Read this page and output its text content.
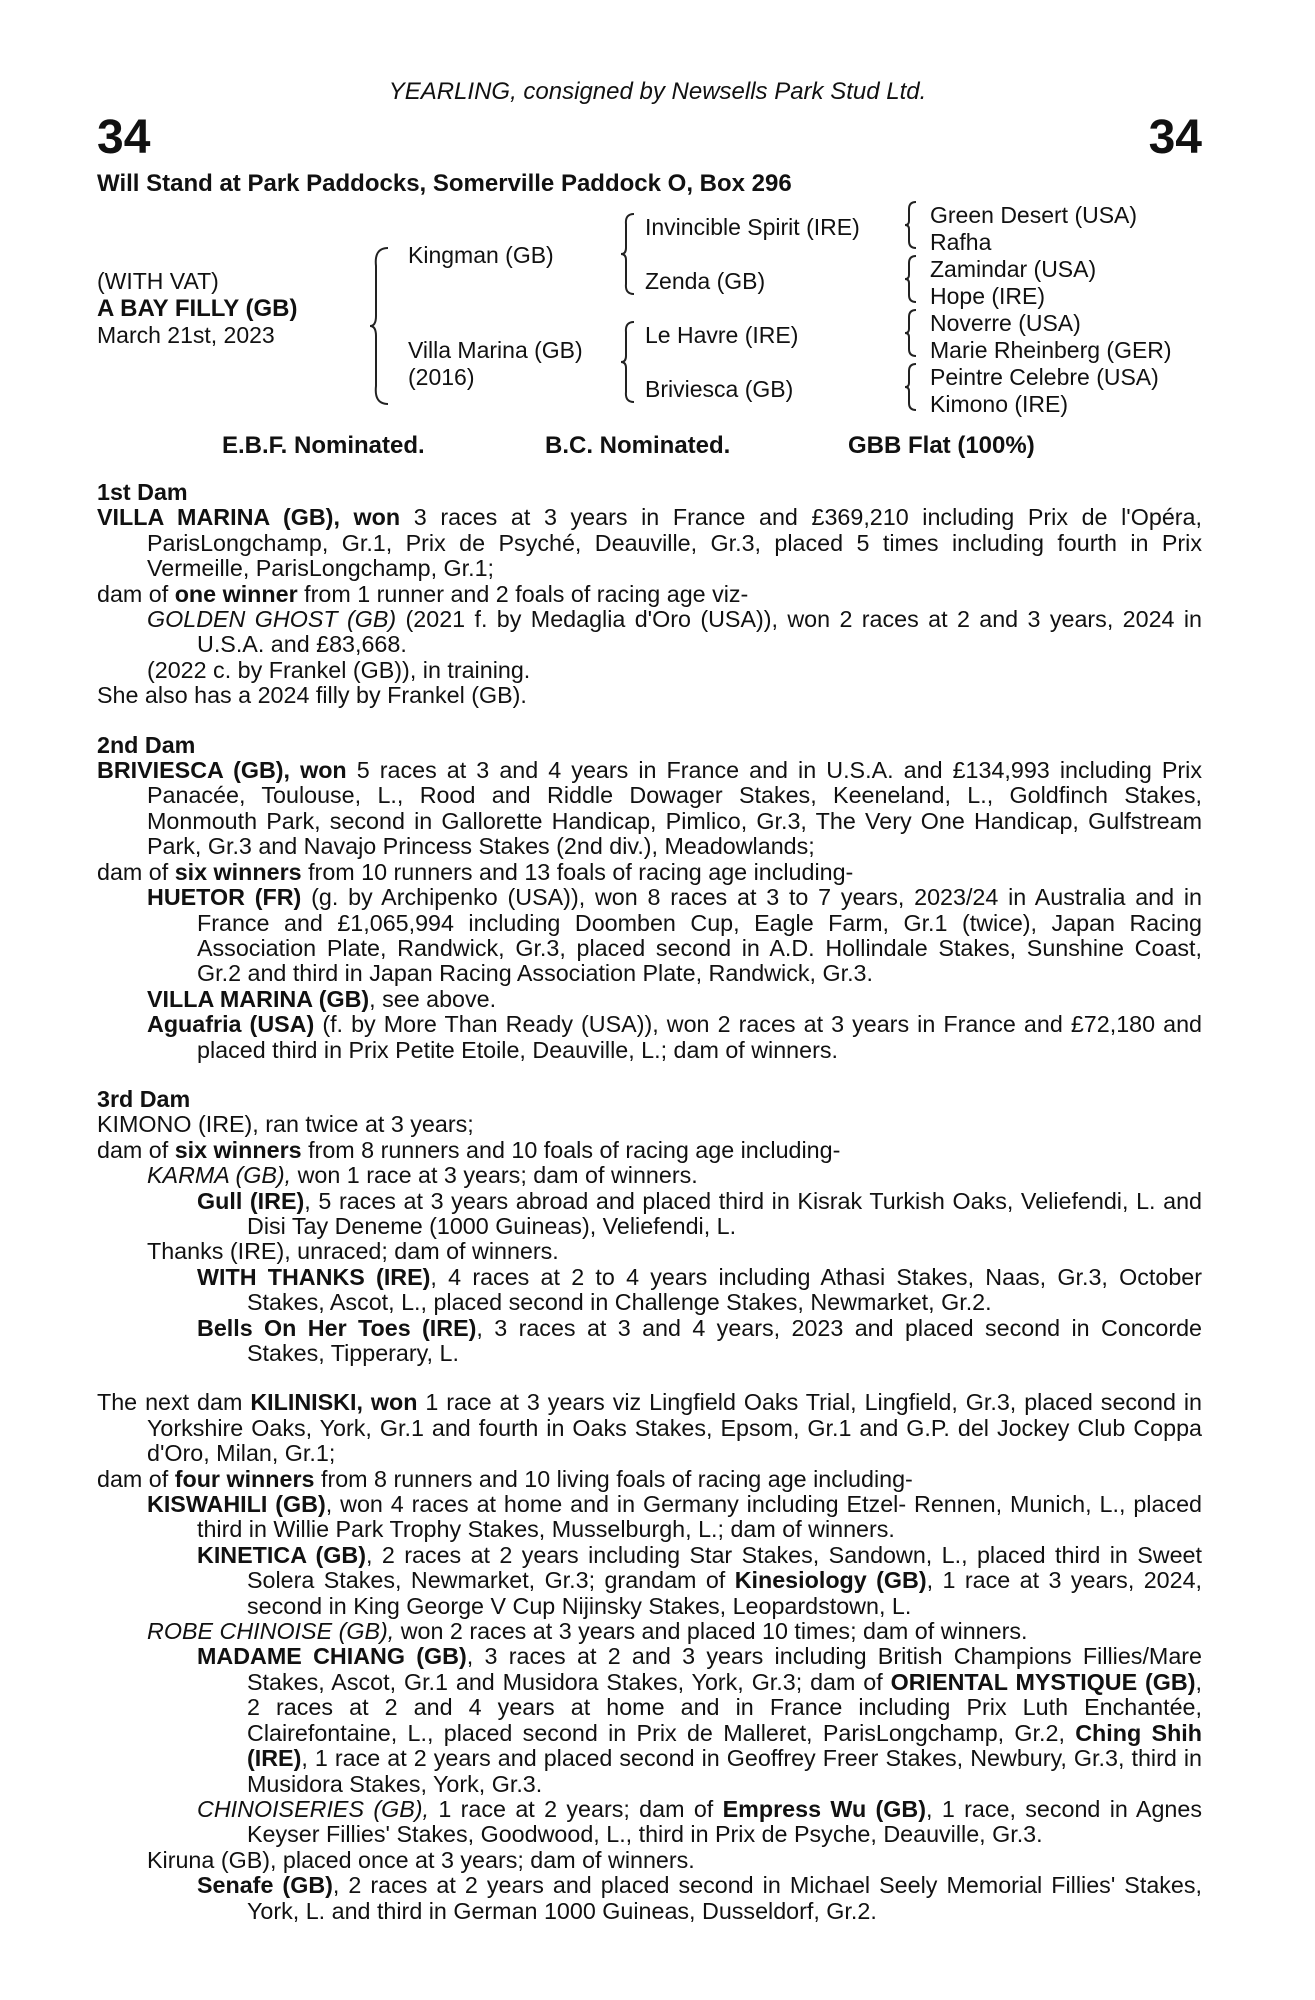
YEARLING, consigned by Newsells Park Stud Ltd.
34	34
Will Stand at Park Paddocks, Somerville Paddock O, Box 296
(WITH VAT)
A BAY FILLY (GB)
March 21st, 2023
Kingman (GB)
Villa Marina (GB)
(2016)
Invincible Spirit (IRE)
Zenda (GB)
Le Havre (IRE)
Briviesca (GB)
Green Desert (USA)
Rafha
Zamindar (USA)
Hope (IRE)
Noverre (USA)
Marie Rheinberg (GER)
Peintre Celebre (USA)
Kimono (IRE)
E.B.F. Nominated.	B.C. Nominated.	GBB Flat (100%)

1st Dam

VILLA MARINA (GB), won 3 races at 3 years in France and £369,210 including Prix de l'Opéra, ParisLongchamp, Gr.1, Prix de Psyché, Deauville, Gr.3, placed 5 times including fourth in Prix Vermeille, ParisLongchamp, Gr.1;

dam of one winner from 1 runner and 2 foals of racing age viz-

GOLDEN GHOST (GB) (2021 f. by Medaglia d'Oro (USA)), won 2 races at 2 and 3 years, 2024 in U.S.A. and £83,668.

(2022 c. by Frankel (GB)), in training.

She also has a 2024 filly by Frankel (GB).

2nd Dam

BRIVIESCA (GB), won 5 races at 3 and 4 years in France and in U.S.A. and £134,993 including Prix Panacée, Toulouse, L., Rood and Riddle Dowager Stakes, Keeneland, L., Goldfinch Stakes, Monmouth Park, second in Gallorette Handicap, Pimlico, Gr.3, The Very One Handicap, Gulfstream Park, Gr.3 and Navajo Princess Stakes (2nd div.), Meadowlands;

dam of six winners from 10 runners and 13 foals of racing age including-

HUETOR (FR) (g. by Archipenko (USA)), won 8 races at 3 to 7 years, 2023/24 in Australia and in France and £1,065,994 including Doomben Cup, Eagle Farm, Gr.1 (twice), Japan Racing Association Plate, Randwick, Gr.3, placed second in A.D. Hollindale Stakes, Sunshine Coast, Gr.2 and third in Japan Racing Association Plate, Randwick, Gr.3.

VILLA MARINA (GB), see above.

Aguafria (USA) (f. by More Than Ready (USA)), won 2 races at 3 years in France and £72,180 and placed third in Prix Petite Etoile, Deauville, L.; dam of winners.

3rd Dam

KIMONO (IRE), ran twice at 3 years;

dam of six winners from 8 runners and 10 foals of racing age including-

KARMA (GB), won 1 race at 3 years; dam of winners.

Gull (IRE), 5 races at 3 years abroad and placed third in Kisrak Turkish Oaks, Veliefendi, L. and Disi Tay Deneme (1000 Guineas), Veliefendi, L.

Thanks (IRE), unraced; dam of winners.

WITH THANKS (IRE), 4 races at 2 to 4 years including Athasi Stakes, Naas, Gr.3, October Stakes, Ascot, L., placed second in Challenge Stakes, Newmarket, Gr.2.

Bells On Her Toes (IRE), 3 races at 3 and 4 years, 2023 and placed second in Concorde Stakes, Tipperary, L.

The next dam KILINISKI, won 1 race at 3 years viz Lingfield Oaks Trial, Lingfield, Gr.3, placed second in Yorkshire Oaks, York, Gr.1 and fourth in Oaks Stakes, Epsom, Gr.1 and G.P. del Jockey Club Coppa d'Oro, Milan, Gr.1;

dam of four winners from 8 runners and 10 living foals of racing age including-

KISWAHILI (GB), won 4 races at home and in Germany including Etzel- Rennen, Munich, L., placed third in Willie Park Trophy Stakes, Musselburgh, L.; dam of winners.

KINETICA (GB), 2 races at 2 years including Star Stakes, Sandown, L., placed third in Sweet Solera Stakes, Newmarket, Gr.3; grandam of Kinesiology (GB), 1 race at 3 years, 2024, second in King George V Cup Nijinsky Stakes, Leopardstown, L.

ROBE CHINOISE (GB), won 2 races at 3 years and placed 10 times; dam of winners.

MADAME CHIANG (GB), 3 races at 2 and 3 years including British Champions Fillies/Mare Stakes, Ascot, Gr.1 and Musidora Stakes, York, Gr.3; dam of ORIENTAL MYSTIQUE (GB), 2 races at 2 and 4 years at home and in France including Prix Luth Enchantée, Clairefontaine, L., placed second in Prix de Malleret, ParisLongchamp, Gr.2, Ching Shih (IRE), 1 race at 2 years and placed second in Geoffrey Freer Stakes, Newbury, Gr.3, third in Musidora Stakes, York, Gr.3.

CHINOISERIES (GB), 1 race at 2 years; dam of Empress Wu (GB), 1 race, second in Agnes Keyser Fillies' Stakes, Goodwood, L., third in Prix de Psyche, Deauville, Gr.3.

Kiruna (GB), placed once at 3 years; dam of winners.

Senafe (GB), 2 races at 2 years and placed second in Michael Seely Memorial Fillies' Stakes, York, L. and third in German 1000 Guineas, Dusseldorf, Gr.2.
